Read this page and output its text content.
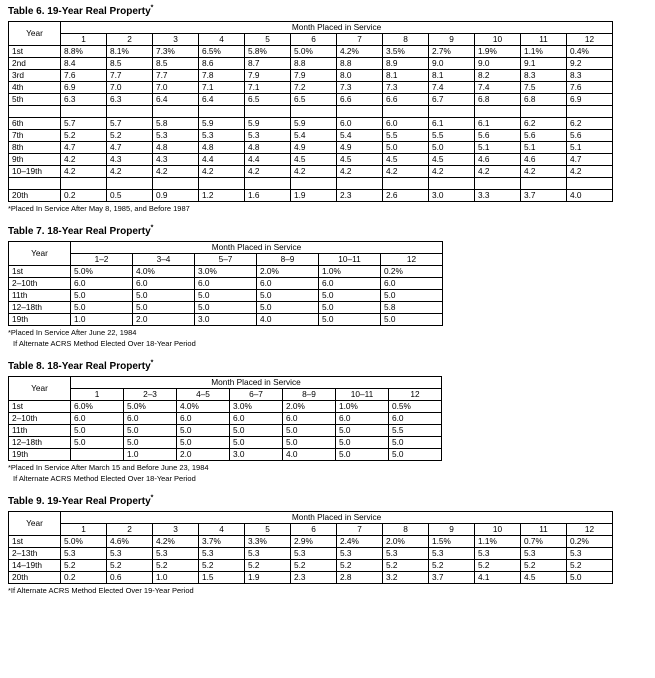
Table 6. 19-Year Real Property*
Year	Month Placed in Service											
	1	2	3	4	5	6	7	8	9	10	11	12
1st	8.8%	8.1%	7.3%	6.5%	5.8%	5.0%	4.2%	3.5%	2.7%	1.9%	1.1%	0.4%
2nd	8.4	8.5	8.5	8.6	8.7	8.8	8.8	8.9	9.0	9.0	9.1	9.2
3rd	7.6	7.7	7.7	7.8	7.9	7.9	8.0	8.1	8.1	8.2	8.3	8.3
4th	6.9	7.0	7.0	7.1	7.1	7.2	7.3	7.3	7.4	7.4	7.5	7.6
5th	6.3	6.3	6.4	6.4	6.5	6.5	6.6	6.6	6.7	6.8	6.8	6.9

6th	5.7	5.7	5.8	5.9	5.9	5.9	6.0	6.0	6.1	6.1	6.2	6.2
7th	5.2	5.2	5.3	5.3	5.3	5.4	5.4	5.5	5.5	5.6	5.6	5.6
8th	4.7	4.7	4.8	4.8	4.8	4.9	4.9	5.0	5.0	5.1	5.1	5.1
9th	4.2	4.3	4.3	4.4	4.4	4.5	4.5	4.5	4.5	4.6	4.6	4.7
10–19th	4.2	4.2	4.2	4.2	4.2	4.2	4.2	4.2	4.2	4.2	4.2	4.2

20th	0.2	0.5	0.9	1.2	1.6	1.9	2.3	2.6	3.0	3.3	3.7	4.0

*Placed In Service After May 8, 1985, and Before 1987

Table 7. 18-Year Real Property*
Year	Month Placed in Service					
	1–2	3–4	5–7	8–9	10–11	12
1st	5.0%	4.0%	3.0%	2.0%	1.0%	0.2%
2–10th	6.0	6.0	6.0	6.0	6.0	6.0
11th	5.0	5.0	5.0	5.0	5.0	5.0
12–18th	5.0	5.0	5.0	5.0	5.0	5.8
19th	1.0	2.0	3.0	4.0	5.0	5.0

*Placed In Service After June 22, 1984

If Alternate ACRS Method Elected Over 18-Year Period

Table 8. 18-Year Real Property*
Year	Month Placed in Service						
	1	2–3	4–5	6–7	8–9	10–11	12
1st	6.0%	5.0%	4.0%	3.0%	2.0%	1.0%	0.5%
2–10th	6.0	6.0	6.0	6.0	6.0	6.0	6.0
11th	5.0	5.0	5.0	5.0	5.0	5.0	5.5
12–18th	5.0	5.0	5.0	5.0	5.0	5.0	5.0
19th		1.0	2.0	3.0	4.0	5.0	5.0

*Placed In Service After March 15 and Before June 23, 1984

If Alternate ACRS Method Elected Over 18-Year Period

Table 9. 19-Year Real Property*
Year	Month Placed in Service											
	1	2	3	4	5	6	7	8	9	10	11	12
1st	5.0%	4.6%	4.2%	3.7%	3.3%	2.9%	2.4%	2.0%	1.5%	1.1%	0.7%	0.2%
2–13th	5.3	5.3	5.3	5.3	5.3	5.3	5.3	5.3	5.3	5.3	5.3	5.3
14–19th	5.2	5.2	5.2	5.2	5.2	5.2	5.2	5.2	5.2	5.2	5.2	5.2
20th	0.2	0.6	1.0	1.5	1.9	2.3	2.8	3.2	3.7	4.1	4.5	5.0

*If Alternate ACRS Method Elected Over 19-Year Period
